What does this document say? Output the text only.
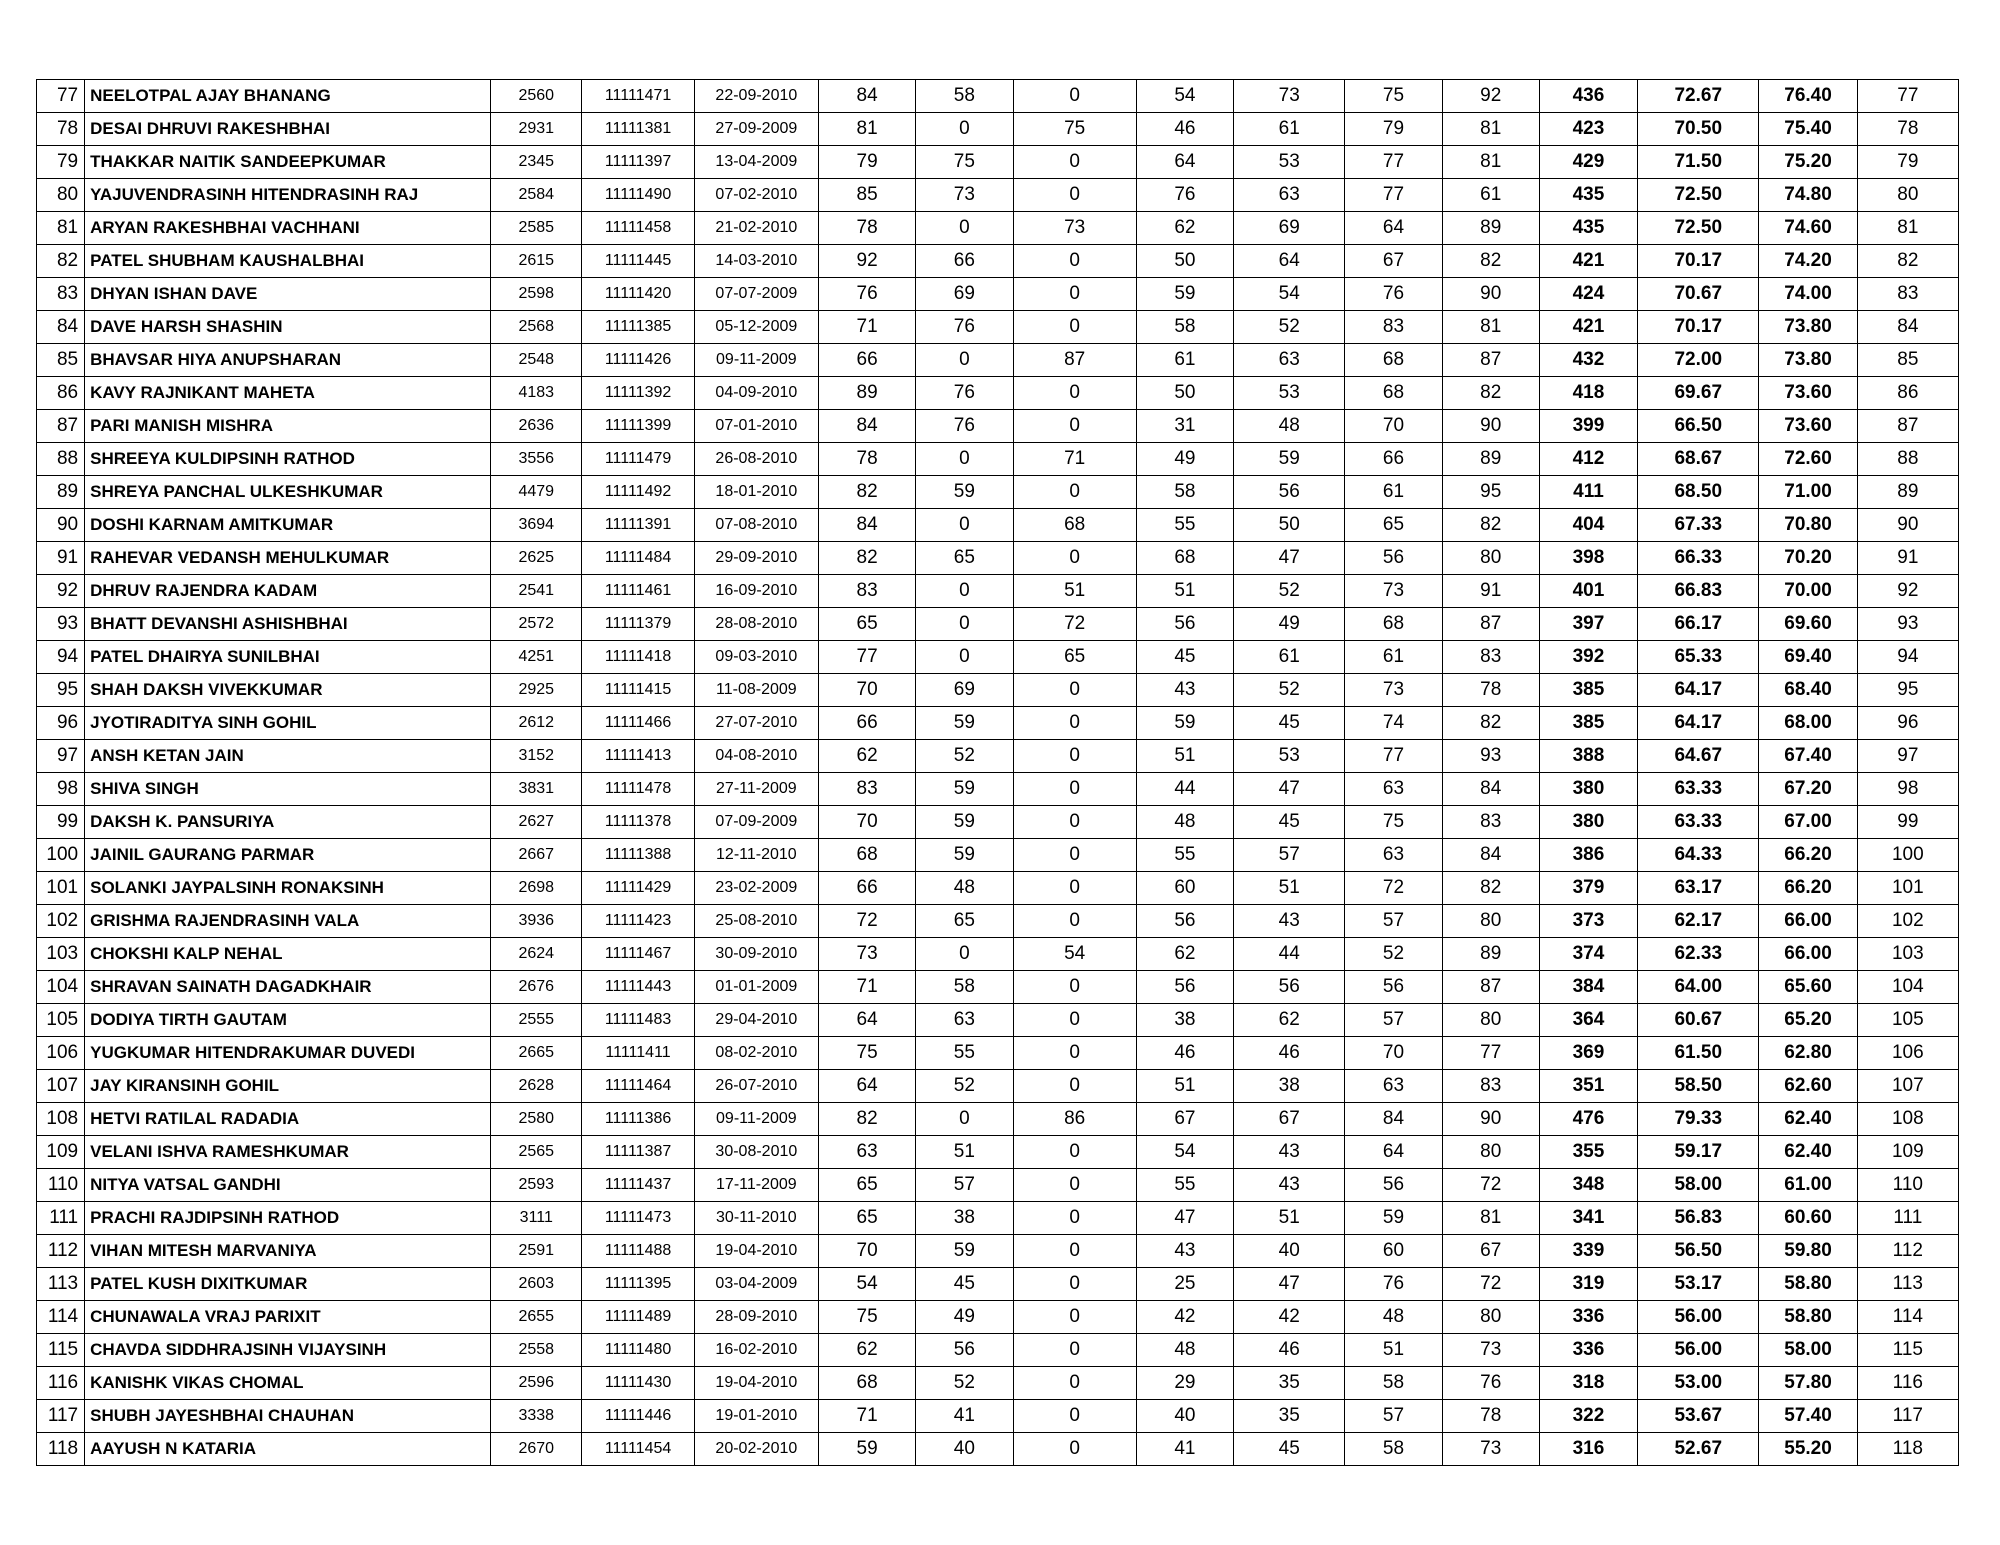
77	NEELOTPAL AJAY BHANANG	2560	11111471	22-09-2010	84	58	0	54	73	75	92	436	72.67	76.40	77
78	DESAI DHRUVI RAKESHBHAI	2931	11111381	27-09-2009	81	0	75	46	61	79	81	423	70.50	75.40	78
79	THAKKAR NAITIK SANDEEPKUMAR	2345	11111397	13-04-2009	79	75	0	64	53	77	81	429	71.50	75.20	79
80	YAJUVENDRASINH HITENDRASINH RAJ	2584	11111490	07-02-2010	85	73	0	76	63	77	61	435	72.50	74.80	80
81	ARYAN RAKESHBHAI VACHHANI	2585	11111458	21-02-2010	78	0	73	62	69	64	89	435	72.50	74.60	81
82	PATEL SHUBHAM KAUSHALBHAI	2615	11111445	14-03-2010	92	66	0	50	64	67	82	421	70.17	74.20	82
83	DHYAN ISHAN DAVE	2598	11111420	07-07-2009	76	69	0	59	54	76	90	424	70.67	74.00	83
84	DAVE HARSH SHASHIN	2568	11111385	05-12-2009	71	76	0	58	52	83	81	421	70.17	73.80	84
85	BHAVSAR HIYA ANUPSHARAN	2548	11111426	09-11-2009	66	0	87	61	63	68	87	432	72.00	73.80	85
86	KAVY RAJNIKANT MAHETA	4183	11111392	04-09-2010	89	76	0	50	53	68	82	418	69.67	73.60	86
87	PARI MANISH MISHRA	2636	11111399	07-01-2010	84	76	0	31	48	70	90	399	66.50	73.60	87
88	SHREEYA KULDIPSINH RATHOD	3556	11111479	26-08-2010	78	0	71	49	59	66	89	412	68.67	72.60	88
89	SHREYA PANCHAL ULKESHKUMAR	4479	11111492	18-01-2010	82	59	0	58	56	61	95	411	68.50	71.00	89
90	DOSHI KARNAM AMITKUMAR	3694	11111391	07-08-2010	84	0	68	55	50	65	82	404	67.33	70.80	90
91	RAHEVAR VEDANSH MEHULKUMAR	2625	11111484	29-09-2010	82	65	0	68	47	56	80	398	66.33	70.20	91
92	DHRUV RAJENDRA KADAM	2541	11111461	16-09-2010	83	0	51	51	52	73	91	401	66.83	70.00	92
93	BHATT DEVANSHI ASHISHBHAI	2572	11111379	28-08-2010	65	0	72	56	49	68	87	397	66.17	69.60	93
94	PATEL DHAIRYA SUNILBHAI	4251	11111418	09-03-2010	77	0	65	45	61	61	83	392	65.33	69.40	94
95	SHAH DAKSH VIVEKKUMAR	2925	11111415	11-08-2009	70	69	0	43	52	73	78	385	64.17	68.40	95
96	JYOTIRADITYA SINH GOHIL	2612	11111466	27-07-2010	66	59	0	59	45	74	82	385	64.17	68.00	96
97	ANSH KETAN JAIN	3152	11111413	04-08-2010	62	52	0	51	53	77	93	388	64.67	67.40	97
98	SHIVA SINGH	3831	11111478	27-11-2009	83	59	0	44	47	63	84	380	63.33	67.20	98
99	DAKSH K. PANSURIYA	2627	11111378	07-09-2009	70	59	0	48	45	75	83	380	63.33	67.00	99
100	JAINIL GAURANG PARMAR	2667	11111388	12-11-2010	68	59	0	55	57	63	84	386	64.33	66.20	100
101	SOLANKI JAYPALSINH RONAKSINH	2698	11111429	23-02-2009	66	48	0	60	51	72	82	379	63.17	66.20	101
102	GRISHMA RAJENDRASINH VALA	3936	11111423	25-08-2010	72	65	0	56	43	57	80	373	62.17	66.00	102
103	CHOKSHI KALP NEHAL	2624	11111467	30-09-2010	73	0	54	62	44	52	89	374	62.33	66.00	103
104	SHRAVAN SAINATH DAGADKHAIR	2676	11111443	01-01-2009	71	58	0	56	56	56	87	384	64.00	65.60	104
105	DODIYA TIRTH GAUTAM	2555	11111483	29-04-2010	64	63	0	38	62	57	80	364	60.67	65.20	105
106	YUGKUMAR HITENDRAKUMAR DUVEDI	2665	11111411	08-02-2010	75	55	0	46	46	70	77	369	61.50	62.80	106
107	JAY KIRANSINH GOHIL	2628	11111464	26-07-2010	64	52	0	51	38	63	83	351	58.50	62.60	107
108	HETVI RATILAL RADADIA	2580	11111386	09-11-2009	82	0	86	67	67	84	90	476	79.33	62.40	108
109	VELANI ISHVA RAMESHKUMAR	2565	11111387	30-08-2010	63	51	0	54	43	64	80	355	59.17	62.40	109
110	NITYA VATSAL GANDHI	2593	11111437	17-11-2009	65	57	0	55	43	56	72	348	58.00	61.00	110
111	PRACHI RAJDIPSINH RATHOD	3111	11111473	30-11-2010	65	38	0	47	51	59	81	341	56.83	60.60	111
112	VIHAN MITESH MARVANIYA	2591	11111488	19-04-2010	70	59	0	43	40	60	67	339	56.50	59.80	112
113	PATEL KUSH DIXITKUMAR	2603	11111395	03-04-2009	54	45	0	25	47	76	72	319	53.17	58.80	113
114	CHUNAWALA VRAJ PARIXIT	2655	11111489	28-09-2010	75	49	0	42	42	48	80	336	56.00	58.80	114
115	CHAVDA SIDDHRAJSINH VIJAYSINH	2558	11111480	16-02-2010	62	56	0	48	46	51	73	336	56.00	58.00	115
116	KANISHK VIKAS CHOMAL	2596	11111430	19-04-2010	68	52	0	29	35	58	76	318	53.00	57.80	116
117	SHUBH JAYESHBHAI CHAUHAN	3338	11111446	19-01-2010	71	41	0	40	35	57	78	322	53.67	57.40	117
118	AAYUSH N KATARIA	2670	11111454	20-02-2010	59	40	0	41	45	58	73	316	52.67	55.20	118
